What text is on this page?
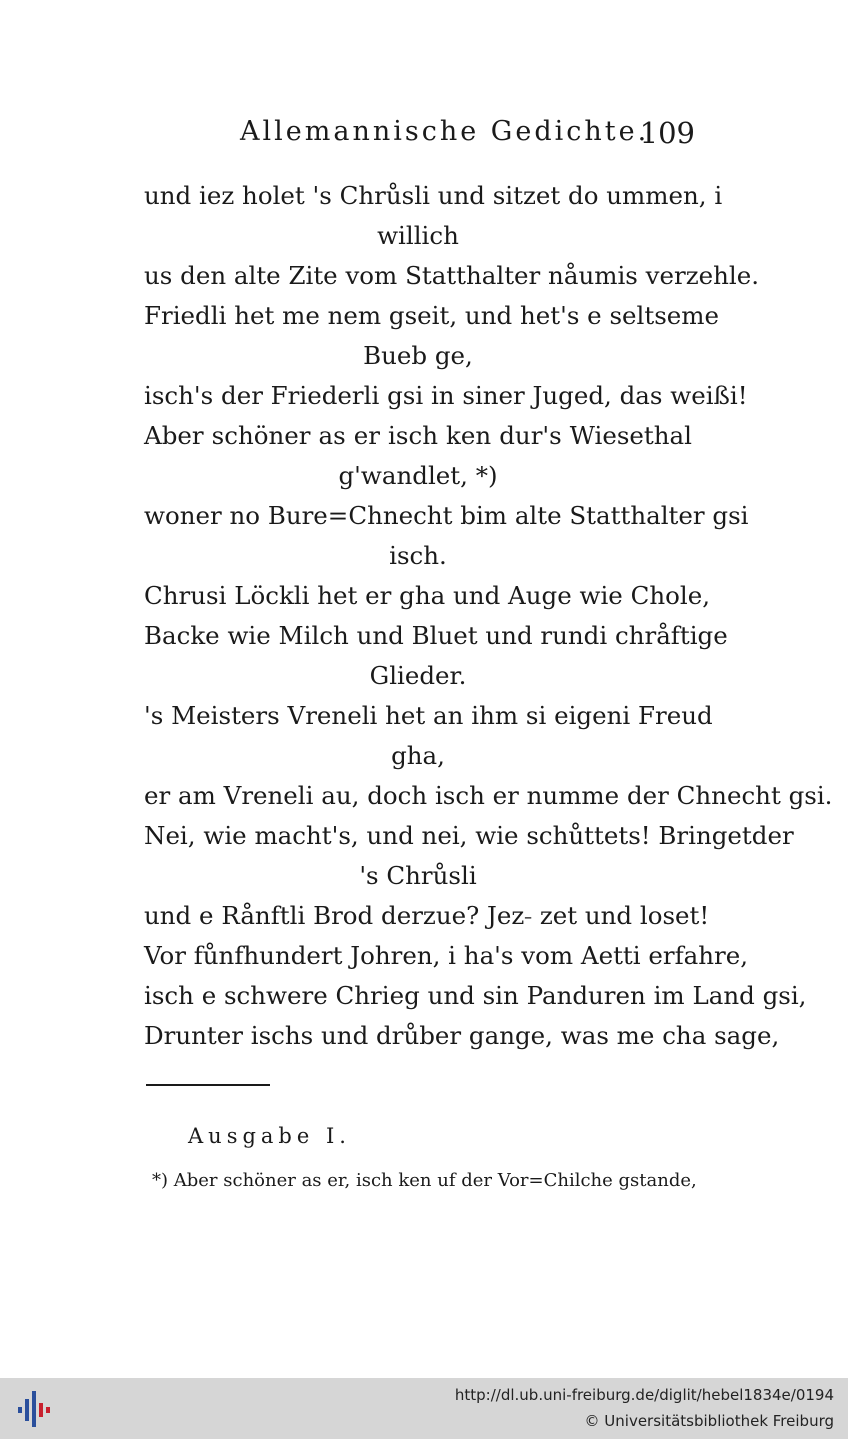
Allemannische Gedichte.
109
und iez holet 's Chrůsli und sitzet do ummen, i
willich
us den alte Zite vom Statthalter nåumis verzehle.
Friedli het me nem gseit, und het's e seltseme
Bueb ge,
isch's der Friederli gsi in siner Juged, das weißi!
Aber schöner as er isch ken dur's Wiesethal
g'wandlet, *)
woner no Bure=Chnecht bim alte Statthalter gsi
isch.
Chrusi Löckli het er gha und Auge wie Chole,
Backe wie Milch und Bluet und rundi chråftige
Glieder.
's Meisters Vreneli het an ihm si eigeni Freud
gha,
er am Vreneli au, doch isch er numme der Chnecht gsi.
Nei, wie macht's, und nei, wie schůttets! Bringetder
's Chrůsli
und e Rånftli Brod derzue? Jez ̵ zet und loset!
Vor fůnfhundert Johren, i ha's vom Aetti erfahre,
isch e schwere Chrieg und sin Panduren im Land gsi,
Drunter ischs und drůber gange, was me cha sage,
Ausgabe I.
*) Aber schöner as er, isch ken uf der Vor=Chilche gstande,
http://dl.ub.uni-freiburg.de/diglit/hebel1834e/0194
© Universitätsbibliothek Freiburg
